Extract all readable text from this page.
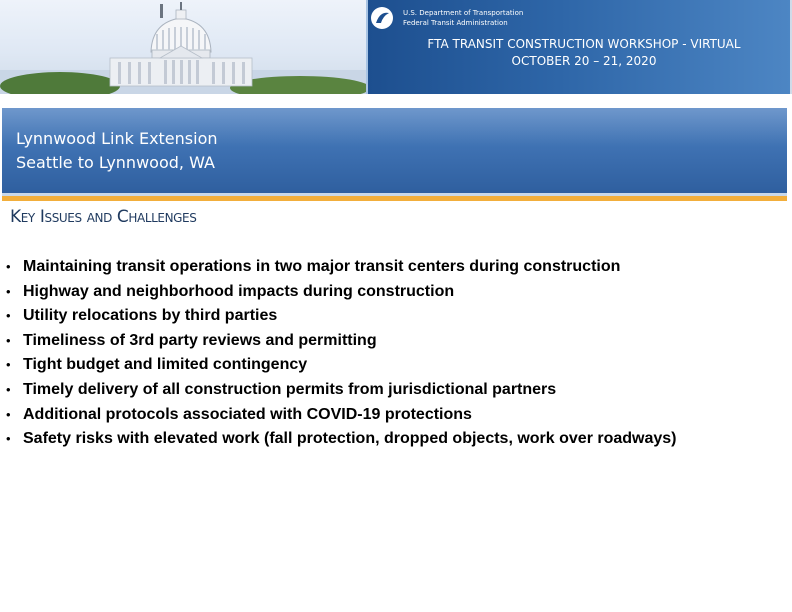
U.S. Department of Transportation
Federal Transit Administration
FTA TRANSIT CONSTRUCTION WORKSHOP - VIRTUAL
OCTOBER 20 – 21, 2020
Lynnwood Link Extension
Seattle to Lynnwood, WA
Key Issues and Challenges
• Maintaining transit operations in two major transit centers during construction
• Highway and neighborhood impacts during construction
• Utility relocations by third parties
• Timeliness of 3rd party reviews and permitting
• Tight budget and limited contingency
• Timely delivery of all construction permits from jurisdictional partners
• Additional protocols associated with COVID-19 protections
• Safety risks with elevated work (fall protection, dropped objects, work over roadways)
